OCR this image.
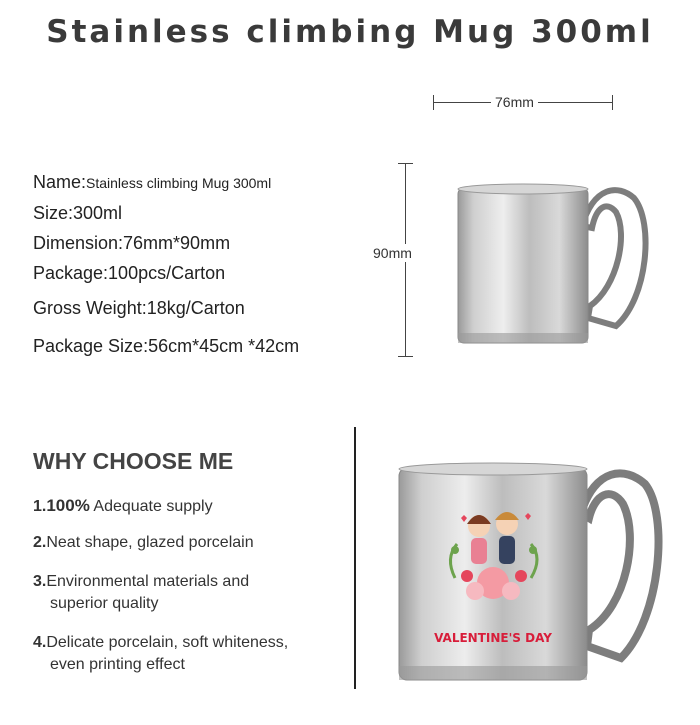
Stainless climbing Mug 300ml
76mm
90mm
Name:Stainless climbing Mug 300ml
Size:300ml
Dimension:76mm*90mm
Package:100pcs/Carton
Gross Weight:18kg/Carton
Package Size:56cm*45cm *42cm
WHY CHOOSE ME
1.100% Adequate supply
2.Neat shape, glazed porcelain
3.Environmental materials and
superior quality
4.Delicate porcelain, soft whiteness,
even printing effect
VALENTINE'S DAY
